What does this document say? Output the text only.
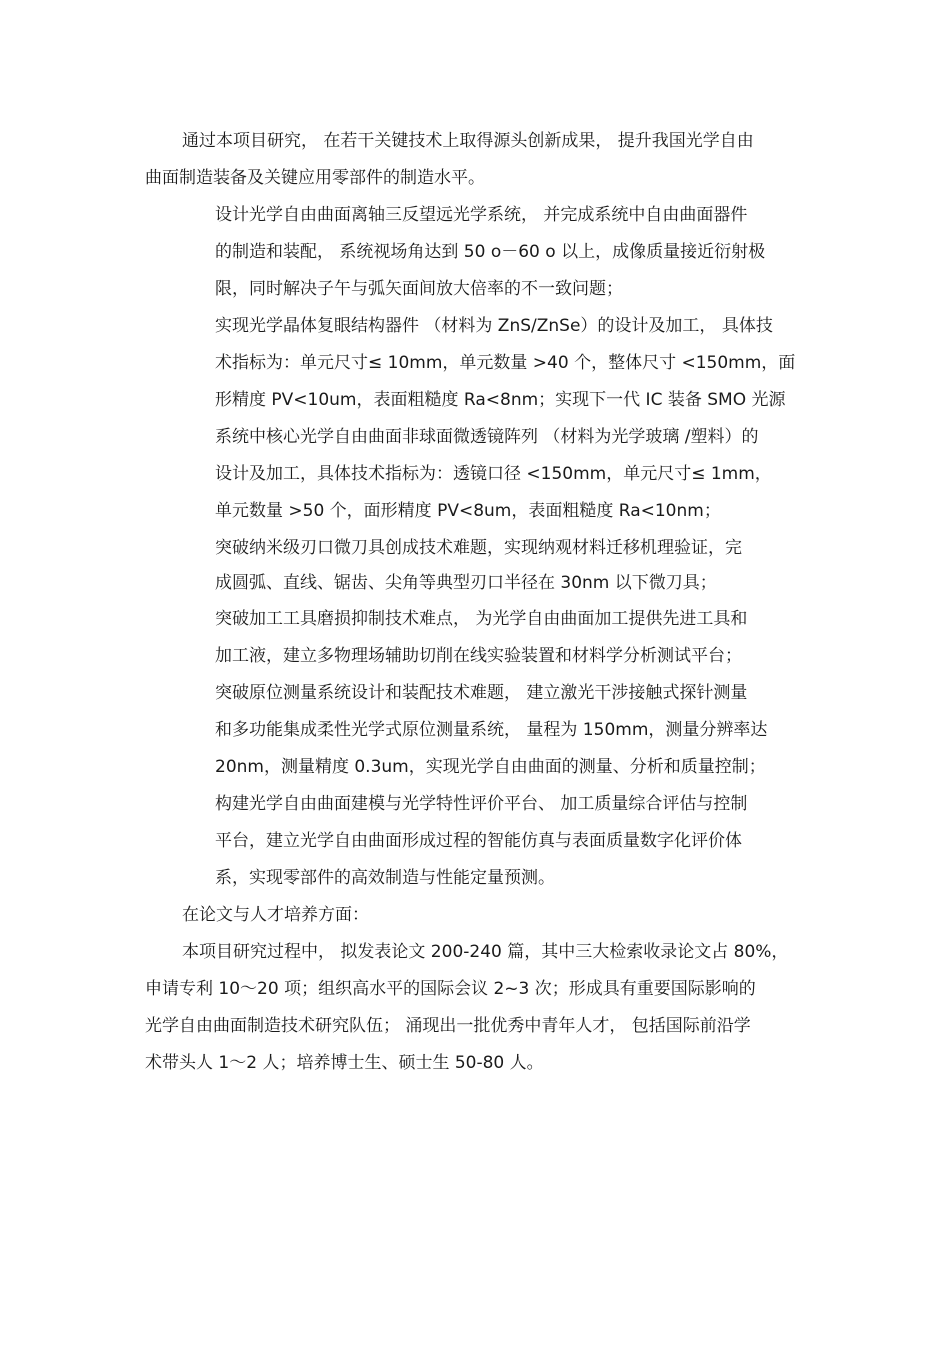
通过本项目研究， 在若干关键技术上取得源头创新成果， 提升我国光学自由
曲面制造装备及关键应用零部件的制造水平。
设计光学自由曲面离轴三反望远光学系统， 并完成系统中自由曲面器件
的制造和装配， 系统视场角达到 50 o－60 o 以上，成像质量接近衍射极
限，同时解决子午与弧矢面间放大倍率的不一致问题；
实现光学晶体复眼结构器件 （材料为 ZnS/ZnSe）的设计及加工， 具体技
术指标为：单元尺寸≤ 10mm，单元数量 >40 个，整体尺寸 <150mm，面
形精度 PV<10um，表面粗糙度 Ra<8nm；实现下一代 IC 装备 SMO 光源
系统中核心光学自由曲面非球面微透镜阵列 （材料为光学玻璃 /塑料）的
设计及加工，具体技术指标为：透镜口径 <150mm，单元尺寸≤ 1mm，
单元数量 >50 个，面形精度 PV<8um，表面粗糙度 Ra<10nm；
突破纳米级刃口微刀具创成技术难题，实现纳观材料迁移机理验证，完
成圆弧、直线、锯齿、尖角等典型刃口半径在 30nm 以下微刀具；
突破加工工具磨损抑制技术难点， 为光学自由曲面加工提供先进工具和
加工液，建立多物理场辅助切削在线实验装置和材料学分析测试平台；
突破原位测量系统设计和装配技术难题， 建立激光干涉接触式探针测量
和多功能集成柔性光学式原位测量系统， 量程为 150mm，测量分辨率达
20nm，测量精度 0.3um，实现光学自由曲面的测量、分析和质量控制；
构建光学自由曲面建模与光学特性评价平台、 加工质量综合评估与控制
平台，建立光学自由曲面形成过程的智能仿真与表面质量数字化评价体
系，实现零部件的高效制造与性能定量预测。
在论文与人才培养方面：
本项目研究过程中， 拟发表论文 200-240 篇，其中三大检索收录论文占 80%，
申请专利 10～20 项；组织高水平的国际会议 2~3 次；形成具有重要国际影响的
光学自由曲面制造技术研究队伍； 涌现出一批优秀中青年人才， 包括国际前沿学
术带头人 1～2 人；培养博士生、硕士生 50-80 人。
